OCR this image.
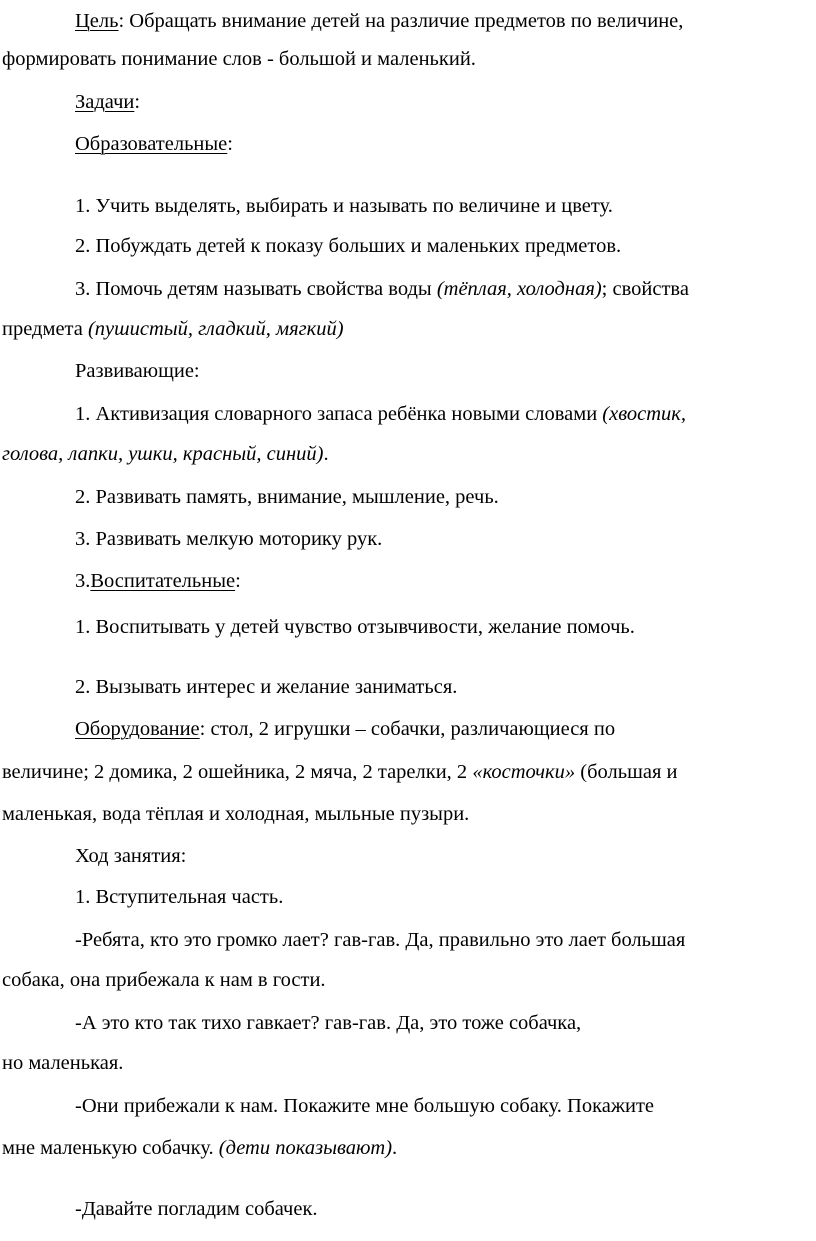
Цель: Обращать внимание детей на различие предметов по величине,
формировать понимание слов - большой и маленький.
Задачи:
Образовательные:
1. Учить выделять, выбирать и называть по величине и цвету.
2. Побуждать детей к показу больших и маленьких предметов.
3. Помочь детям называть свойства воды (тёплая, холодная); свойства
предмета (пушистый, гладкий, мягкий)
Развивающие:
1. Активизация словарного запаса ребёнка новыми словами (хвостик,
голова, лапки, ушки, красный, синий).
2. Развивать память, внимание, мышление, речь.
3. Развивать мелкую моторику рук.
3.Воспитательные:
1. Воспитывать у детей чувство отзывчивости, желание помочь.
2. Вызывать интерес и желание заниматься.
Оборудование: стол, 2 игрушки – собачки, различающиеся по
величине; 2 домика, 2 ошейника, 2 мяча, 2 тарелки, 2 «косточки» (большая и
маленькая, вода тёплая и холодная, мыльные пузыри.
Ход занятия:
1. Вступительная часть.
-Ребята, кто это громко лает? гав-гав. Да, правильно это лает большая
собака, она прибежала к нам в гости.
-А это кто так тихо гавкает? гав-гав. Да, это тоже собачка,
но маленькая.
-Они прибежали к нам. Покажите мне большую собаку. Покажите
мне маленькую собачку. (дети показывают).
-Давайте погладим собачек.
